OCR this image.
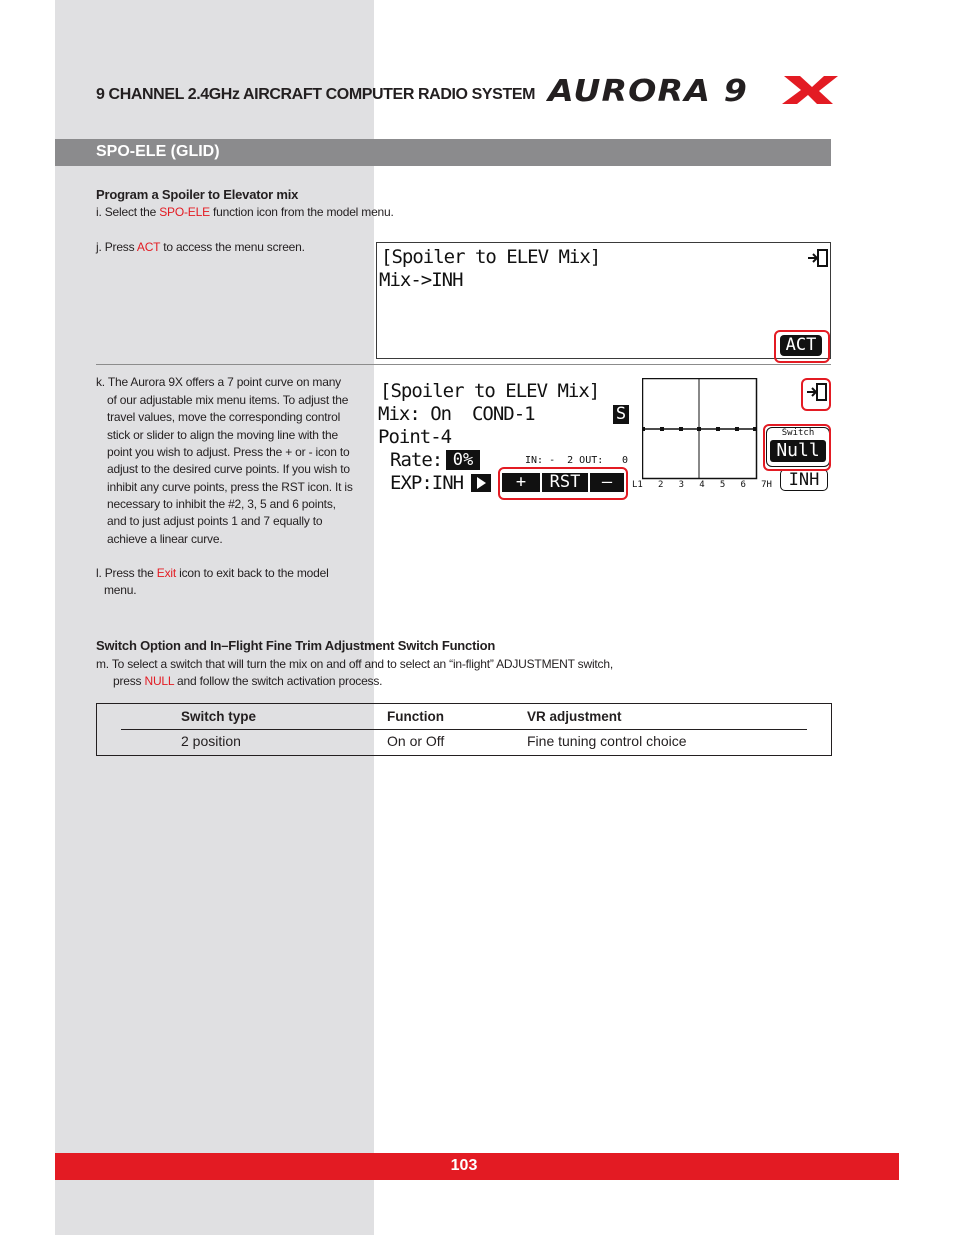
9 CHANNEL 2.4GHz AIRCRAFT COMPUTER RADIO SYSTEM AURORA 9
SPO-ELE (GLID)
Program a Spoiler to Elevator mix
i. Select the SPO-ELE function icon from the model menu.
j. Press ACT to access the menu screen.	[Spoiler to ELEV Mix]
Mix->INH
ACT
k. The Aurora 9X offers a 7 point curve on many
of our adjustable mix menu items. To adjust the
travel values, move the corresponding control
stick or slider to align the moving line with the
point you wish to adjust. Press the + or - icon to
adjust to the desired curve points. If you wish to
inhibit any curve points, press the RST icon. It is
necessary to inhibit the #2, 3, 5 and 6 points,
and to just adjust points 1 and 7 equally to
achieve a linear curve.
l. Press the Exit icon to exit back to the model
menu.
[Spoiler to ELEV Mix]
Mix: On  COND-1	S
Point-4
Rate: 0%
EXP:INH
IN: -  2 OUT: 0
+	RST	–	L1 2 3 4 5 6 7H
Switch
Null
INH
Switch Option and In–Flight Fine Trim Adjustment Switch Function
m. To select a switch that will turn the mix on and off and to select an “in-flight” ADJUSTMENT switch,
press NULL and follow the switch activation process.
Switch type	Function	VR adjustment
2 position	On or Off	Fine tuning control choice
103
